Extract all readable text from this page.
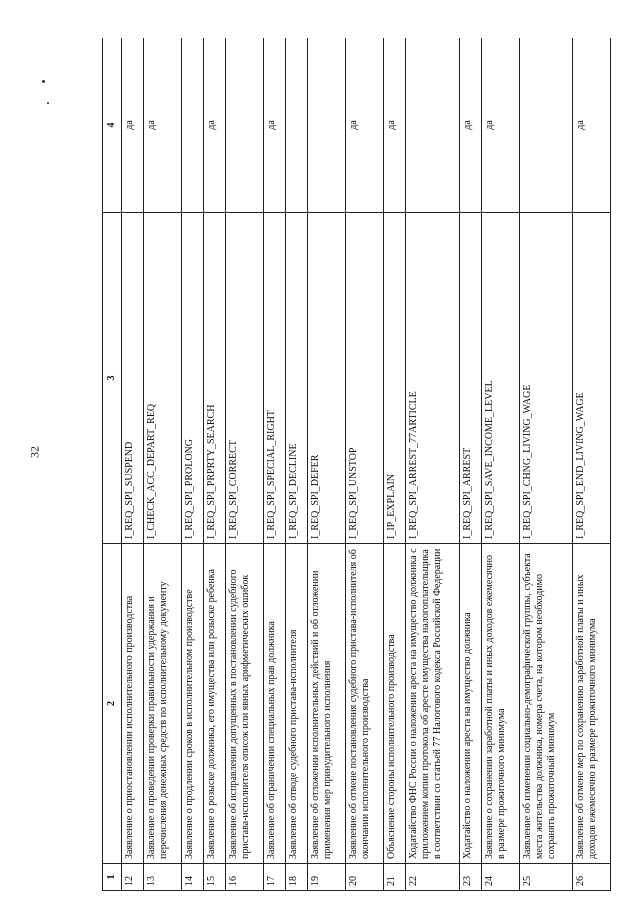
32
1	2	3	4
12	Заявление о приостановлении исполнительного производства	I_REQ_SPI_SUSPEND	да
13	Заявление о проведении проверки правильности удержания и перечисления денежных средств по исполнительному документу	I_CHECK_ACC_DEPART_REQ	да
14	Заявление о продлении сроков в исполнительном производстве	I_REQ_SPI_PROLONG	
15	Заявление о розыске должника, его имущества или розыске ребенка	I_REQ_SPI_PRPRTY_SEARCH	да
16	Заявление об исправлении допущенных в постановлении судебного пристава-исполнителя описок или явных арифметических ошибок	I_REQ_SPI_CORRECT	
17	Заявление об ограничении специальных прав должника	I_REQ_SPI_SPECIAL_RIGHT	да
18	Заявление об отводе судебного пристава-исполнителя	I_REQ_SPI_DECLINE	
19	Заявление об отложении исполнительных действий и об отложении применения мер принудительного исполнения	I_REQ_SPI_DEFER	
20	Заявление об отмене постановления судебного пристава-исполнителя об окончании исполнительного производства	I_REQ_SPI_UNSTOP	да
21	Объяснение стороны исполнительного производства	I_IP_EXPLAIN	да
22	Ходатайство ФНС России о наложении ареста на имущество должника с приложением копии протокола об аресте имущества налогоплательщика в соответствии со статьей 77 Налогового кодекса Российской Федерации	I_REQ_SPI_ARREST_77ARTICLE	
23	Ходатайство о наложении ареста на имущество должника	I_REQ_SPI_ARREST	да
24	Заявление о сохранении заработной платы и иных доходов ежемесячно в размере прожиточного минимума	I_REQ_SPI_SAVE_INCOME_LEVEL	да
25	Заявление об изменении социально-демографической группы, субъекта места жительства должника, номера счета, на котором необходимо сохранять прожиточный минимум	I_REQ_SPI_CHNG_LIVING_WAGE	
26	Заявление об отмене мер по сохранению заработной платы и иных доходов ежемесячно в размере прожиточного минимума	I_REQ_SPI_END_LIVING_WAGE	да
